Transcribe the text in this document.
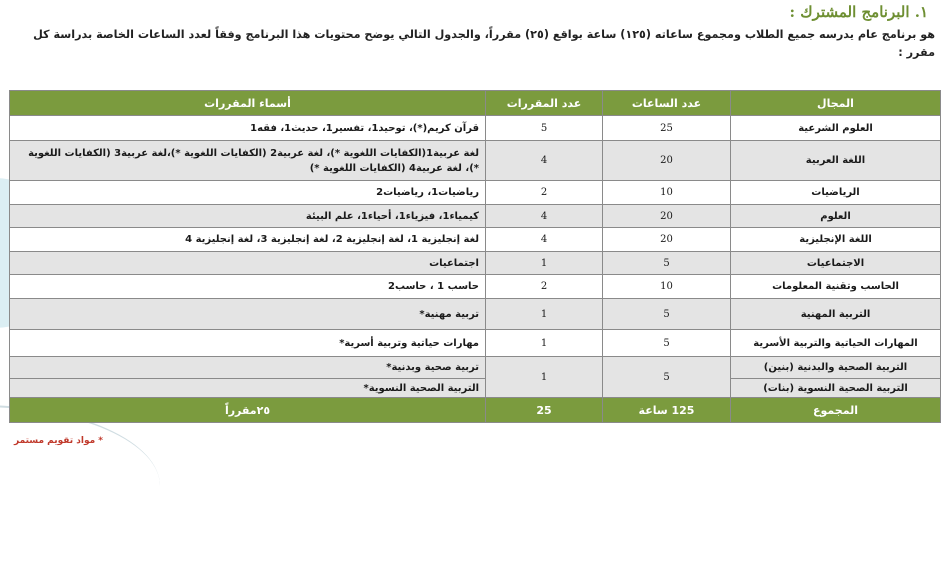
١. البرنامج المشترك :
هو برنامج عام يدرسه جميع الطلاب ومجموع ساعاته (١٢٥) ساعة بواقع (٢٥) مقرراً، والجدول التالي يوضح محتويات هذا البرنامج وفقاً لعدد الساعات الخاصة بدراسة كل مقرر :
المجال	عدد الساعات	عدد المقررات	أسماء المقررات
العلوم الشرعية	25	5	قرآن كريم(*)، توحيد1، تفسير1، حديث1، فقه1
اللغة العربية	20	4	لغة عربية1(الكفايات اللغوية *)، لغة عربية2 (الكفايات اللغوية *)،لغة عربية3 (الكفايات اللغوية *)، لغة عربية4 (الكفايات اللغوية *)
الرياضيات	10	2	رياضيات1، رياضيات2
العلوم	20	4	كيمياء1، فيزياء1، أحياء1، علم البيئة
اللغة الإنجليزية	20	4	لغة إنجليزية 1، لغة إنجليزية 2، لغة إنجليزية 3، لغة إنجليزية 4
الاجتماعيات	5	1	اجتماعيات
الحاسب وتقنية المعلومات	10	2	حاسب 1 ، حاسب2
التربية المهنية	5	1	تربية مهنية*
المهارات الحياتية والتربية الأسرية	5	1	مهارات حياتية وتربية أسرية*
التربية الصحية والبدنية (بنين)	5	1	تربية صحية وبدنية*
التربية الصحية النسوية (بنات)			التربية الصحية النسوية*
المجموع	125 ساعة	25	٢٥مقرراً
* مواد تقويم مستمر
